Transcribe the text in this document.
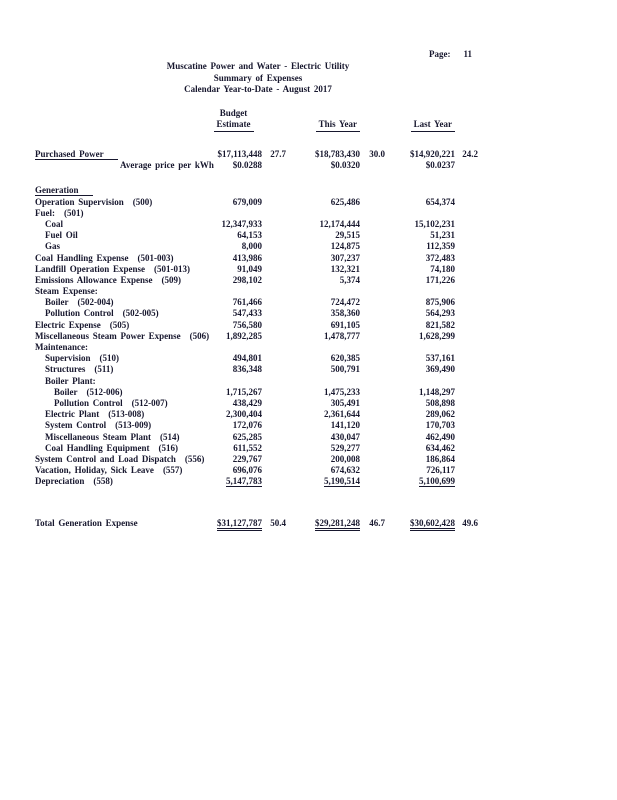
Page: 11
Muscatine Power and Water - Electric Utility
Summary of Expenses
Calendar Year-to-Date - August 2017
Budget
Estimate	This Year	Last Year
Purchased Power	$17,113,448 27.7	$18,783,430	30.0	$14,920,221 24.2
Average price per kWh	$0.0288	$0.0320	$0.0237
Generation
Operation Supervision (500)	679,009	625,486	654,374
Fuel: (501)
Coal	12,347,933	12,174,444	15,102,231
Fuel Oil	64,153	29,515	51,231
Gas	8,000	124,875	112,359
Coal Handling Expense (501-003)	413,986	307,237	372,483
Landfill Operation Expense (501-013)	91,049	132,321	74,180
Emissions Allowance Expense (509)	298,102	5,374	171,226
Steam Expense:
Boiler (502-004)	761,466	724,472	875,906
Pollution Control (502-005)	547,433	358,360	564,293
Electric Expense (505)	756,580	691,105	821,582
Miscellaneous Steam Power Expense (506)	1,892,285	1,478,777	1,628,299
Maintenance:
Supervision (510)	494,801	620,385	537,161
Structures (511)	836,348	500,791	369,490
Boiler Plant:
Boiler (512-006)	1,715,267	1,475,233	1,148,297
Pollution Control (512-007)	438,429	305,491	508,898
Electric Plant (513-008)	2,300,404	2,361,644	289,062
System Control (513-009)	172,076	141,120	170,703
Miscellaneous Steam Plant (514)	625,285	430,047	462,490
Coal Handling Equipment (516)	611,552	529,277	634,462
System Control and Load Dispatch (556)	229,767	200,008	186,864
Vacation, Holiday, Sick Leave (557)	696,076	674,632	726,117
Depreciation (558)	5,147,783	5,190,514	5,100,699
Total Generation Expense	$31,127,787 50.4	$29,281,248	46.7	$30,602,428 49.6
